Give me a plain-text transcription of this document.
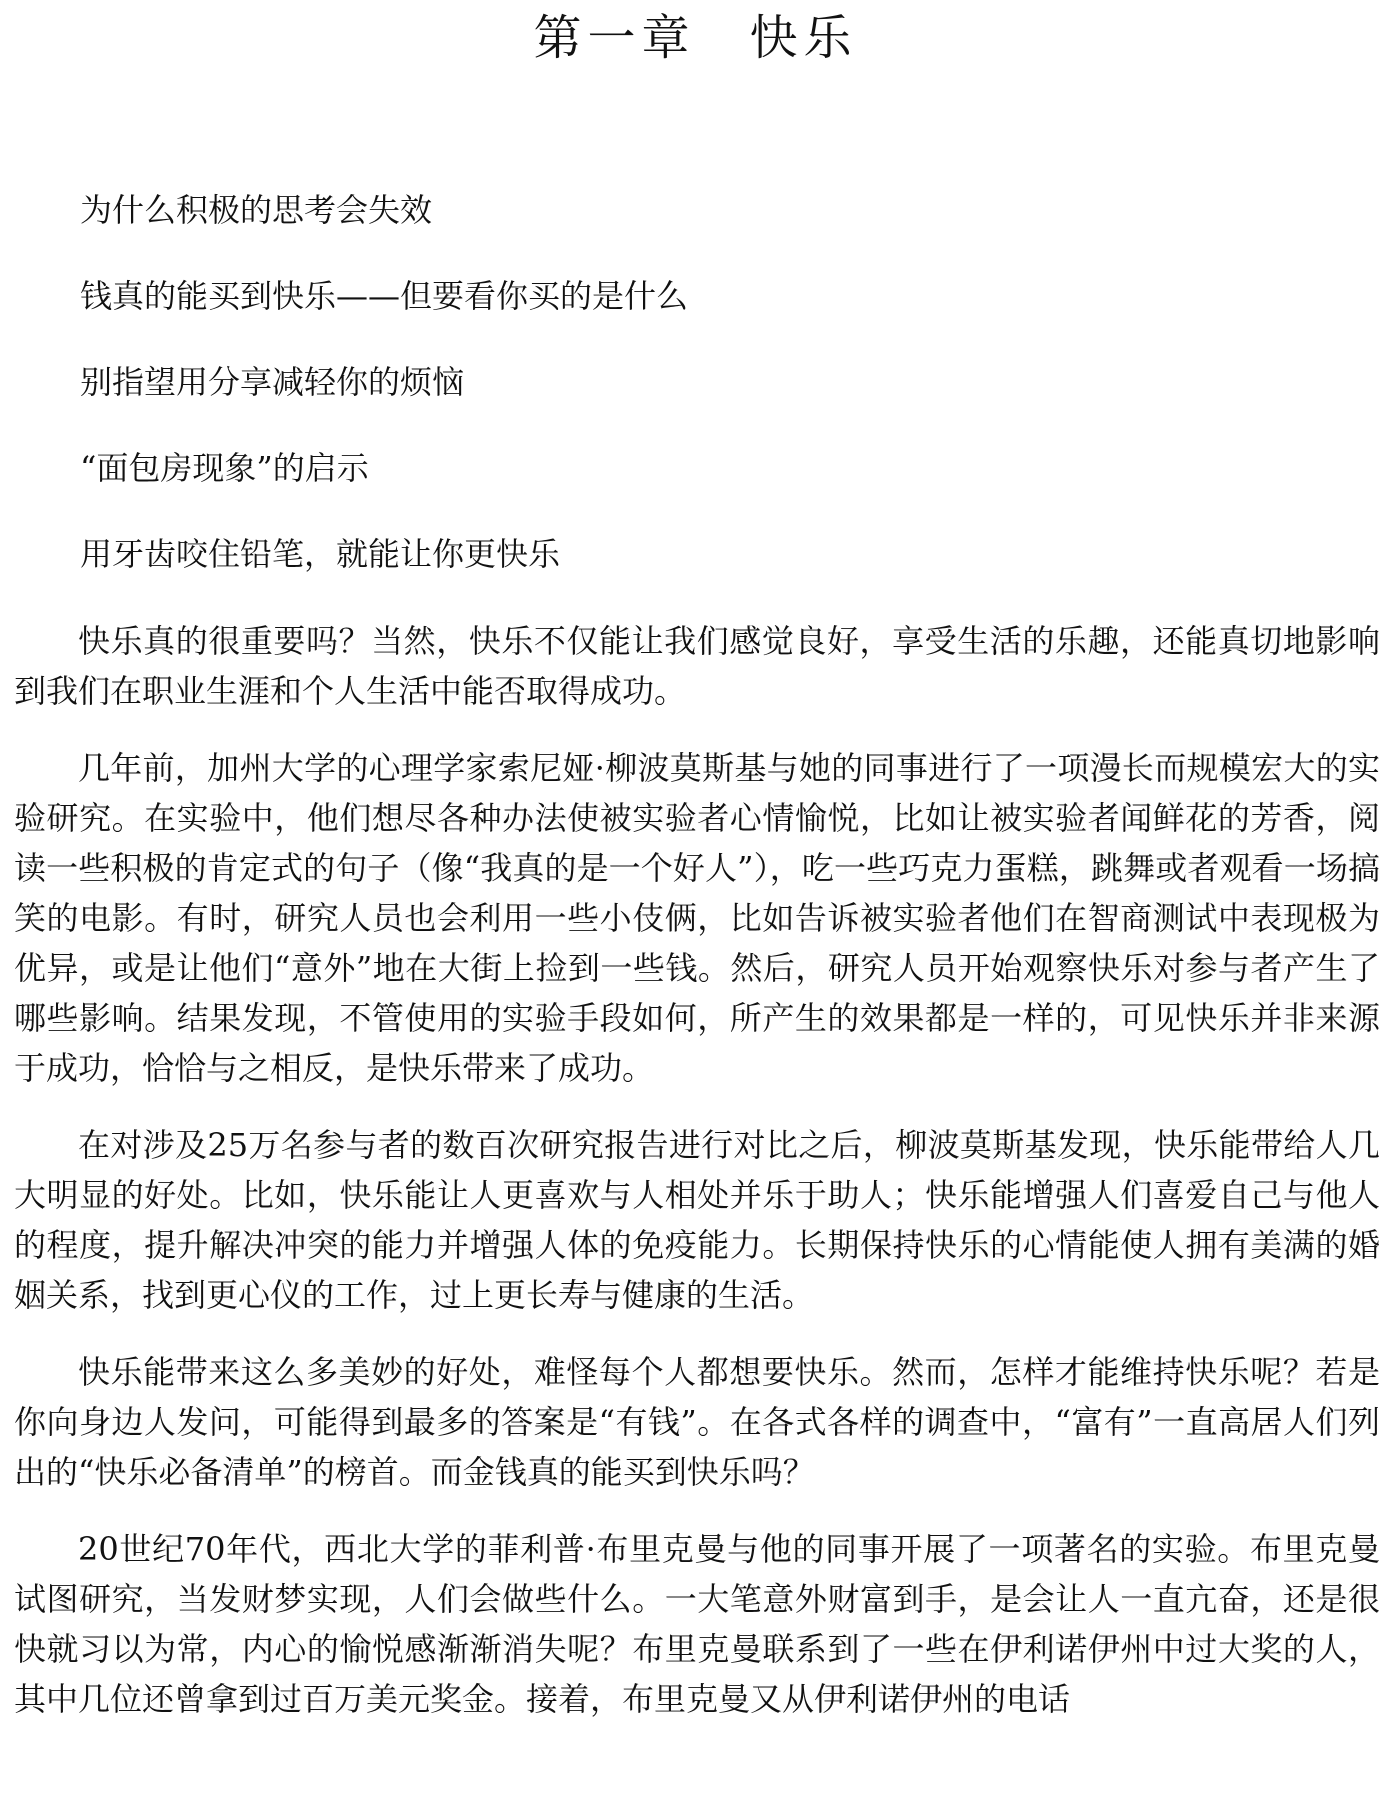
第一章　快乐
为什么积极的思考会失效
钱真的能买到快乐——但要看你买的是什么
别指望用分享减轻你的烦恼
“面包房现象”的启示
用牙齿咬住铅笔，就能让你更快乐

快乐真的很重要吗？当然，快乐不仅能让我们感觉良好，享受生活的乐趣，还能真切地影响到我们在职业生涯和个人生活中能否取得成功。

几年前，加州大学的心理学家索尼娅·柳波莫斯基与她的同事进行了一项漫长而规模宏大的实验研究。在实验中，他们想尽各种办法使被实验者心情愉悦，比如让被实验者闻鲜花的芳香，阅读一些积极的肯定式的句子（像“我真的是一个好人”），吃一些巧克力蛋糕，跳舞或者观看一场搞笑的电影。有时，研究人员也会利用一些小伎俩，比如告诉被实验者他们在智商测试中表现极为优异，或是让他们“意外”地在大街上捡到一些钱。然后，研究人员开始观察快乐对参与者产生了哪些影响。结果发现，不管使用的实验手段如何，所产生的效果都是一样的，可见快乐并非来源于成功，恰恰与之相反，是快乐带来了成功。

在对涉及25万名参与者的数百次研究报告进行对比之后，柳波莫斯基发现，快乐能带给人几大明显的好处。比如，快乐能让人更喜欢与人相处并乐于助人；快乐能增强人们喜爱自己与他人的程度，提升解决冲突的能力并增强人体的免疫能力。长期保持快乐的心情能使人拥有美满的婚姻关系，找到更心仪的工作，过上更长寿与健康的生活。

快乐能带来这么多美妙的好处，难怪每个人都想要快乐。然而，怎样才能维持快乐呢？若是你向身边人发问，可能得到最多的答案是“有钱”。在各式各样的调查中，“富有”一直高居人们列出的“快乐必备清单”的榜首。而金钱真的能买到快乐吗？

20世纪70年代，西北大学的菲利普·布里克曼与他的同事开展了一项著名的实验。布里克曼试图研究，当发财梦实现，人们会做些什么。一大笔意外财富到手，是会让人一直亢奋，还是很快就习以为常，内心的愉悦感渐渐消失呢？布里克曼联系到了一些在伊利诺伊州中过大奖的人，其中几位还曾拿到过百万美元奖金。接着，布里克曼又从伊利诺伊州的电话
